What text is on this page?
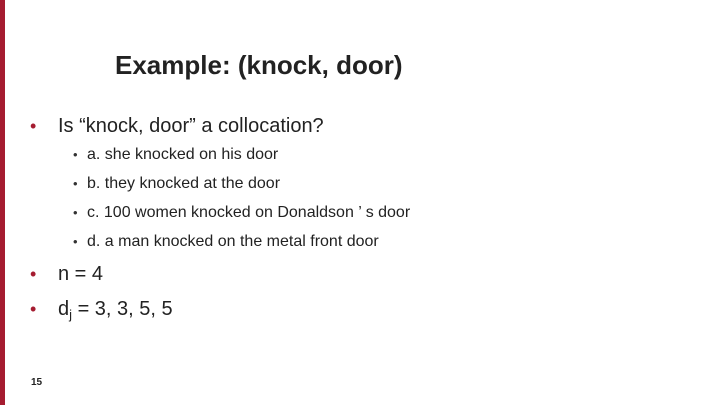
Example: (knock, door)
•	Is “knock, door” a collocation?
• a. she knocked on his door
• b. they knocked at the door
• c. 100 women knocked on Donaldson ’ s door
• d. a man knocked on the metal front door
•	n = 4
•	$d_j = 3$, 3, 5, 5
15
